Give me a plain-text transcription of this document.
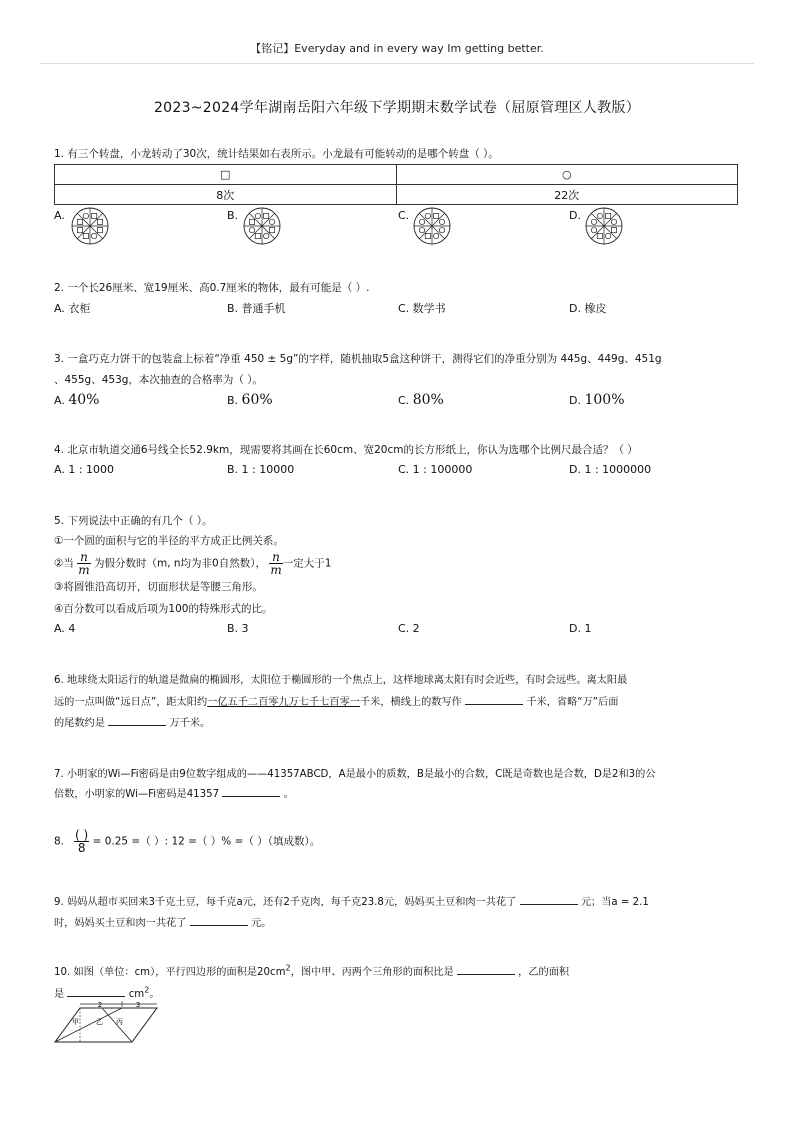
【铭记】Everyday and in every way Im getting better.
2023~2024学年湖南岳阳六年级下学期期末数学试卷（屈原管理区人教版）
1. 有三个转盘，小龙转动了30次，统计结果如右表所示。小龙最有可能转动的是哪个转盘（ ）。
□	○
8次	22次
A.	B.	C.	D.
2. 一个长26厘米、宽19厘米、高0.7厘米的物体，最有可能是（ ）.
A. 衣柜	B. 普通手机	C. 数学书	D. 橡皮
3. 一盒巧克力饼干的包装盒上标着“净重 450 ± 5g”的字样，随机抽取5盒这种饼干，测得它们的净重分别为 445g、449g、451g
、455g、453g，本次抽查的合格率为（ ）。
A. 40%	B. 60%	C. 80%	D. 100%
4. 北京市轨道交通6号线全长52.9km，现需要将其画在长60cm、宽20cm的长方形纸上，你认为选哪个比例尺最合适？（ ）
A. 1 : 1000	B. 1 : 10000	C. 1 : 100000	D. 1 : 1000000
5. 下列说法中正确的有几个（ ）。
①一个圆的面积与它的半径的平方成正比例关系。
②当 $\frac{n}{m}$ 为假分数时（m, n均为非0自然数）， $\frac{n}{m}$ 一定大于1
③将圆锥沿高切开，切面形状是等腰三角形。
④百分数可以看成后项为100的特殊形式的比。
A. 4	B. 3	C. 2	D. 1
6. 地球绕太阳运行的轨道是微扁的椭圆形，太阳位于椭圆形的一个焦点上，这样地球离太阳有时会近些，有时会远些。离太阳最
远的一点叫做“远日点”，距太阳约一亿五千二百零九万七千七百零一千米，横线上的数写作	千米，省略“万”后面
的尾数约是	万千米。
7. 小明家的Wi—Fi密码是由9位数字组成的——41357ABCD，A是最小的质数，B是最小的合数，C既是奇数也是合数，D是2和3的公
倍数，小明家的Wi—Fi密码是41357	。
8. $\frac{( )}{8} = 0.25$ =（ ）: 12 =（ ）% =（ ）（填成数）。
9. 妈妈从超市买回来3千克土豆，每千克a元，还有2千克肉，每千克23.8元，妈妈买土豆和肉一共花了	元；当a = 2.1
时，妈妈买土豆和肉一共花了	元。
10. 如图（单位：cm），平行四边形的面积是$20cm^2$，图中甲、丙两个三角形的面积比是	，乙的面积
是	$cm^2$。
2	3
甲 乙 丙
